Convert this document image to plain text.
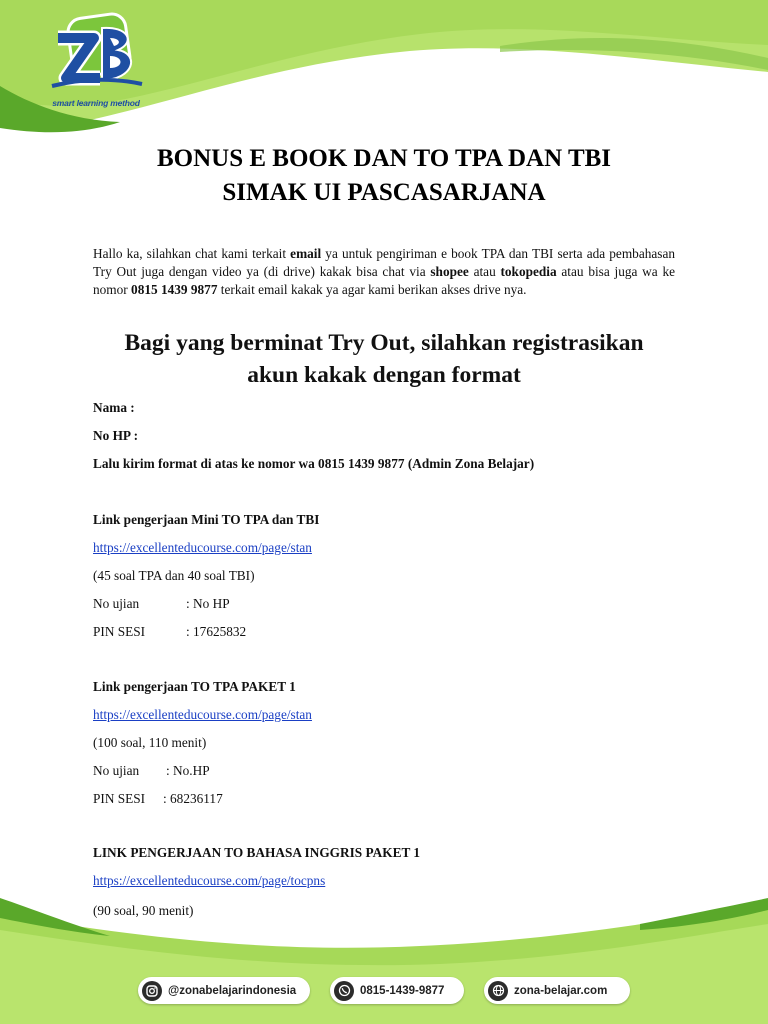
smart learning method
BONUS E BOOK DAN TO TPA DAN TBI
SIMAK UI PASCASARJANA

Hallo ka, silahkan chat kami terkait email ya untuk pengiriman e book TPA dan TBI serta ada pembahasan Try Out juga dengan video ya (di drive) kakak bisa chat via shopee atau tokopedia atau bisa juga wa ke nomor 0815 1439 9877 terkait email kakak ya agar kami berikan akses drive nya.

Bagi yang berminat Try Out, silahkan registrasikan
akun kakak dengan format
Nama :
No HP :
Lalu kirim format di atas ke nomor wa 0815 1439 9877 (Admin Zona Belajar)
Link pengerjaan Mini TO TPA dan TBI
https://excellenteducourse.com/page/stan
(45 soal TPA dan 40 soal TBI)
No ujian	: No HP
PIN SESI	: 17625832
Link pengerjaan TO TPA PAKET 1
https://excellenteducourse.com/page/stan
(100 soal, 110 menit)
No ujian : No.HP
PIN SESI : 68236117
LINK PENGERJAAN TO BAHASA INGGRIS PAKET 1
https://excellenteducourse.com/page/tocpns
(90 soal, 90 menit)
@zonabelajarindonesia	0815-1439-9877	zona-belajar.com
